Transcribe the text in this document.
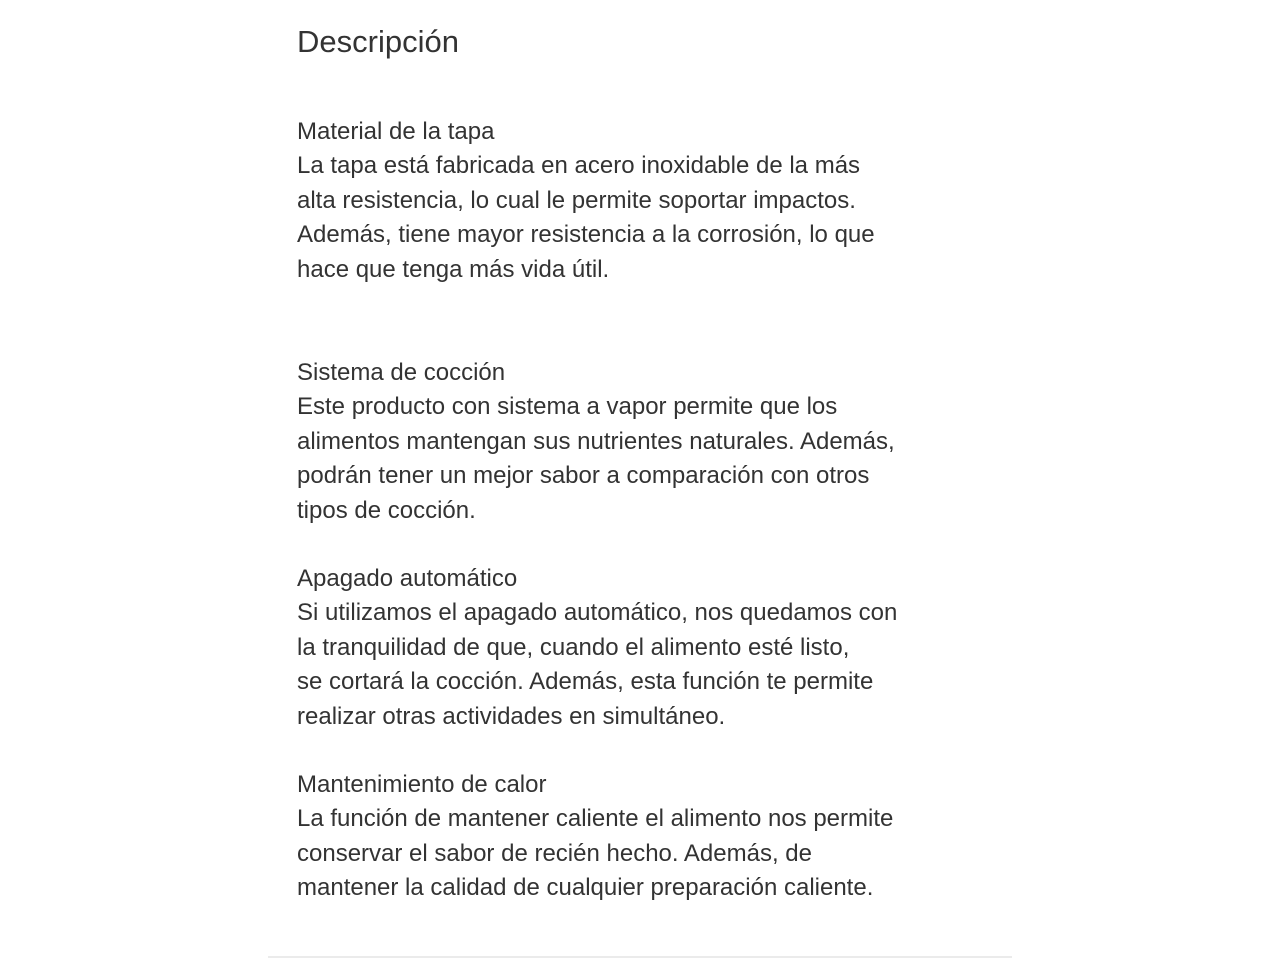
Descripción
Material de la tapa
La tapa está fabricada en acero inoxidable de la más
alta resistencia, lo cual le permite soportar impactos.
Además, tiene mayor resistencia a la corrosión, lo que
hace que tenga más vida útil.
Sistema de cocción
Este producto con sistema a vapor permite que los
alimentos mantengan sus nutrientes naturales. Además,
podrán tener un mejor sabor a comparación con otros
tipos de cocción.
Apagado automático
Si utilizamos el apagado automático, nos quedamos con
la tranquilidad de que, cuando el alimento esté listo,
se cortará la cocción. Además, esta función te permite
realizar otras actividades en simultáneo.
Mantenimiento de calor
La función de mantener caliente el alimento nos permite
conservar el sabor de recién hecho. Además, de
mantener la calidad de cualquier preparación caliente.
